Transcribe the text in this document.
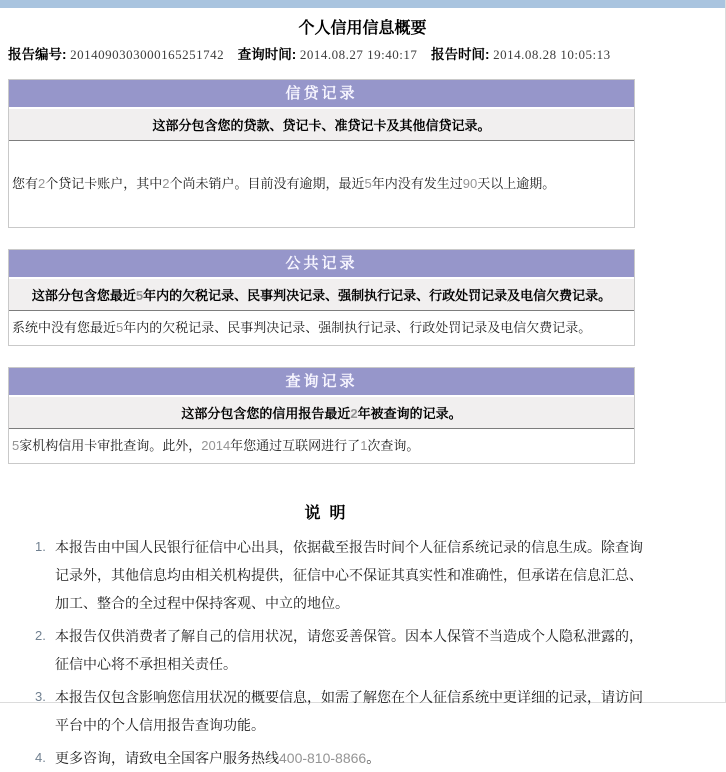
个人信用信息概要
报告编号: 2014090303000165251742 查询时间: 2014.08.27 19:40:17 报告时间: 2014.08.28 10:05:13
信贷记录
这部分包含您的贷款、贷记卡、准贷记卡及其他信贷记录。
您有 2 个贷记卡账户，其中 2 个尚未销户。目前没有逾期，最近 5 年内没有发生过 90 天以上逾期。
公共记录
这部分包含您最近5年内的欠税记录、民事判决记录、强制执行记录、行政处罚记录及电信欠费记录。
系统中没有您最近5年内的欠税记录、民事判决记录、强制执行记录、行政处罚记录及电信欠费记录。
查询记录
这部分包含您的信用报告最近2年被查询的记录。
5家机构信用卡审批查询。此外，2014年您通过互联网进行了1次查询。
说  明
本报告由中国人民银行征信中心出具，依据截至报告时间个人征信系统记录的信息生成。除查询记录外，其他信息均由相关机构提供，征信中心不保证其真实性和准确性，但承诺在信息汇总、加工、整合的全过程中保持客观、中立的地位。
本报告仅供消费者了解自己的信用状况，请您妥善保管。因本人保管不当造成个人隐私泄露的，征信中心将不承担相关责任。
本报告仅包含影响您信用状况的概要信息，如需了解您在个人征信系统中更详细的记录，请访问平台中的个人信用报告查询功能。
更多咨询，请致电全国客户服务热线400-810-8866。
